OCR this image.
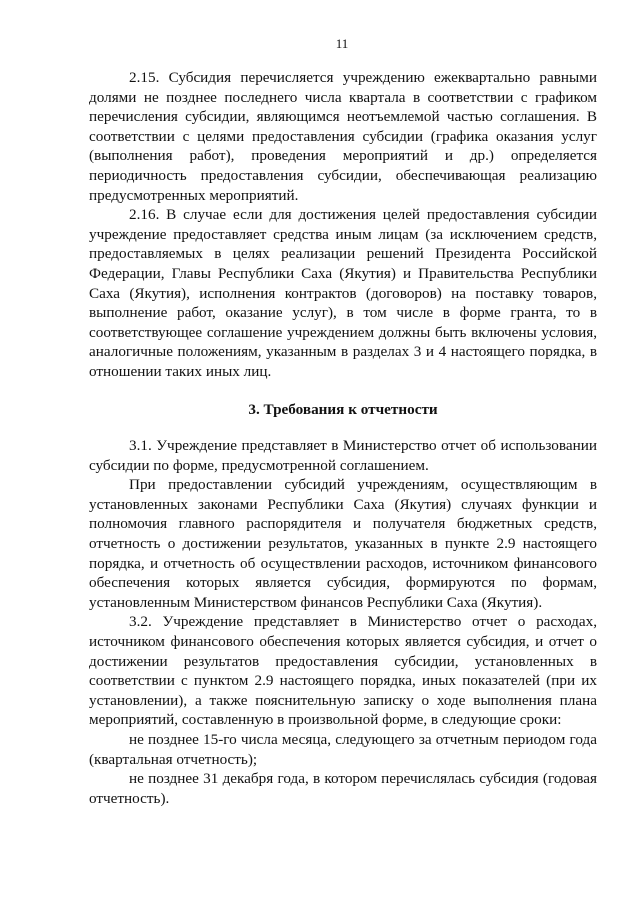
11

2.15. Субсидия перечисляется учреждению ежеквартально равными долями не позднее последнего числа квартала в соответствии с графиком перечисления субсидии, являющимся неотъемлемой частью соглашения. В соответствии с целями предоставления субсидии (графика оказания услуг (выполнения работ), проведения мероприятий и др.) определяется периодичность предоставления субсидии, обеспечивающая реализацию предусмотренных мероприятий.

2.16. В случае если для достижения целей предоставления субсидии учреждение предоставляет средства иным лицам (за исключением средств, предоставляемых в целях реализации решений Президента Российской Федерации, Главы Республики Саха (Якутия) и Правительства Республики Саха (Якутия), исполнения контрактов (договоров) на поставку товаров, выполнение работ, оказание услуг), в том числе в форме гранта, то в соответствующее соглашение учреждением должны быть включены условия, аналогичные положениям, указанным в разделах 3 и 4 настоящего порядка, в отношении таких иных лиц.

3. Требования к отчетности

3.1. Учреждение представляет в Министерство отчет об использовании субсидии по форме, предусмотренной соглашением.

При предоставлении субсидий учреждениям, осуществляющим в установленных законами Республики Саха (Якутия) случаях функции и полномочия главного распорядителя и получателя бюджетных средств, отчетность о достижении результатов, указанных в пункте 2.9 настоящего порядка, и отчетность об осуществлении расходов, источником финансового обеспечения которых является субсидия, формируются по формам, установленным Министерством финансов Республики Саха (Якутия).

3.2. Учреждение представляет в Министерство отчет о расходах, источником финансового обеспечения которых является субсидия, и отчет о достижении результатов предоставления субсидии, установленных в соответствии с пунктом 2.9 настоящего порядка, иных показателей (при их установлении), а также пояснительную записку о ходе выполнения плана мероприятий, составленную в произвольной форме, в следующие сроки:

не позднее 15-го числа месяца, следующего за отчетным периодом года (квартальная отчетность);

не позднее 31 декабря года, в котором перечислялась субсидия (годовая отчетность).
